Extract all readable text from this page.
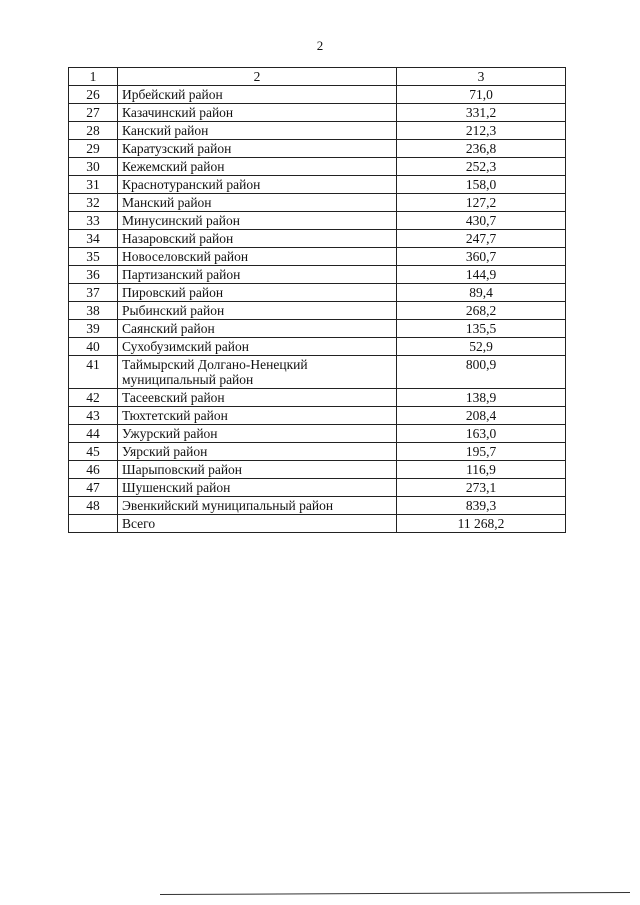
2
1	2	3
26	Ирбейский район	71,0
27	Казачинский район	331,2
28	Канский район	212,3
29	Каратузский район	236,8
30	Кежемский район	252,3
31	Краснотуранский район	158,0
32	Манский район	127,2
33	Минусинский район	430,7
34	Назаровский район	247,7
35	Новоселовский район	360,7
36	Партизанский район	144,9
37	Пировский район	89,4
38	Рыбинский район	268,2
39	Саянский район	135,5
40	Сухобузимский район	52,9
41	Таймырский Долгано-Ненецкий муниципальный район	800,9
42	Тасеевский район	138,9
43	Тюхтетский район	208,4
44	Ужурский район	163,0
45	Уярский район	195,7
46	Шарыповский район	116,9
47	Шушенский район	273,1
48	Эвенкийский муниципальный район	839,3
	Всего	11 268,2
